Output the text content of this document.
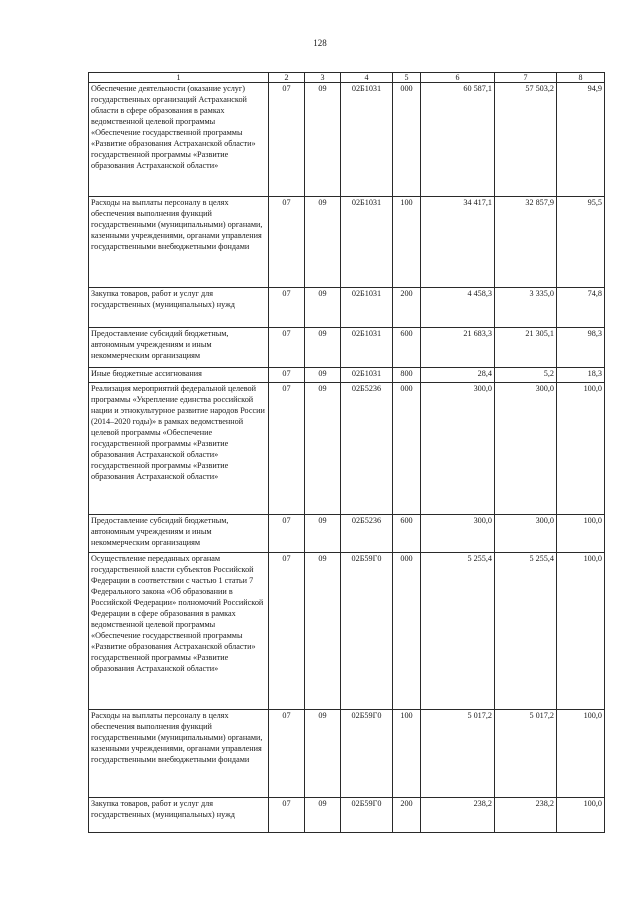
128
1	2	3	4	5	6	7	8
Обеспечение деятельности (оказание услуг) государственных организаций Астраханской области в сфере образования в рамках ведомственной целевой программы «Обеспечение государственной программы «Развитие образования Астраханской области» государственной программы «Развитие образования Астраханской области»	07	09	02Б1031	000	60 587,1	57 503,2	94,9
Расходы на выплаты персоналу в целях обеспечения выполнения функций государственными (муниципальными) органами, казенными учреждениями, органами управления государственными внебюджетными фондами	07	09	02Б1031	100	34 417,1	32 857,9	95,5
Закупка товаров, работ и услуг для государственных (муниципальных) нужд	07	09	02Б1031	200	4 458,3	3 335,0	74,8
Предоставление субсидий бюджетным, автономным учреждениям и иным некоммерческим организациям	07	09	02Б1031	600	21 683,3	21 305,1	98,3
Иные бюджетные ассигнования	07	09	02Б1031	800	28,4	5,2	18,3
Реализация мероприятий федеральной целевой программы «Укрепление единства российской нации и этнокультурное развитие народов России (2014–2020 годы)» в рамках ведомственной целевой программы «Обеспечение государственной программы «Развитие образования Астраханской области» государственной программы «Развитие образования Астраханской области»	07	09	02Б5236	000	300,0	300,0	100,0
Предоставление субсидий бюджетным, автономным учреждениям и иным некоммерческим организациям	07	09	02Б5236	600	300,0	300,0	100,0
Осуществление переданных органам государственной власти субъектов Российской Федерации в соответствии с частью 1 статьи 7 Федерального закона «Об образовании в Российской Федерации» полномочий Российской Федерации в сфере образования в рамках ведомственной целевой программы «Обеспечение государственной программы «Развитие образования Астраханской области» государственной программы «Развитие образования Астраханской области»	07	09	02Б59Г0	000	5 255,4	5 255,4	100,0
Расходы на выплаты персоналу в целях обеспечения выполнения функций государственными (муниципальными) органами, казенными учреждениями, органами управления государственными внебюджетными фондами	07	09	02Б59Г0	100	5 017,2	5 017,2	100,0
Закупка товаров, работ и услуг для государственных (муниципальных) нужд	07	09	02Б59Г0	200	238,2	238,2	100,0
